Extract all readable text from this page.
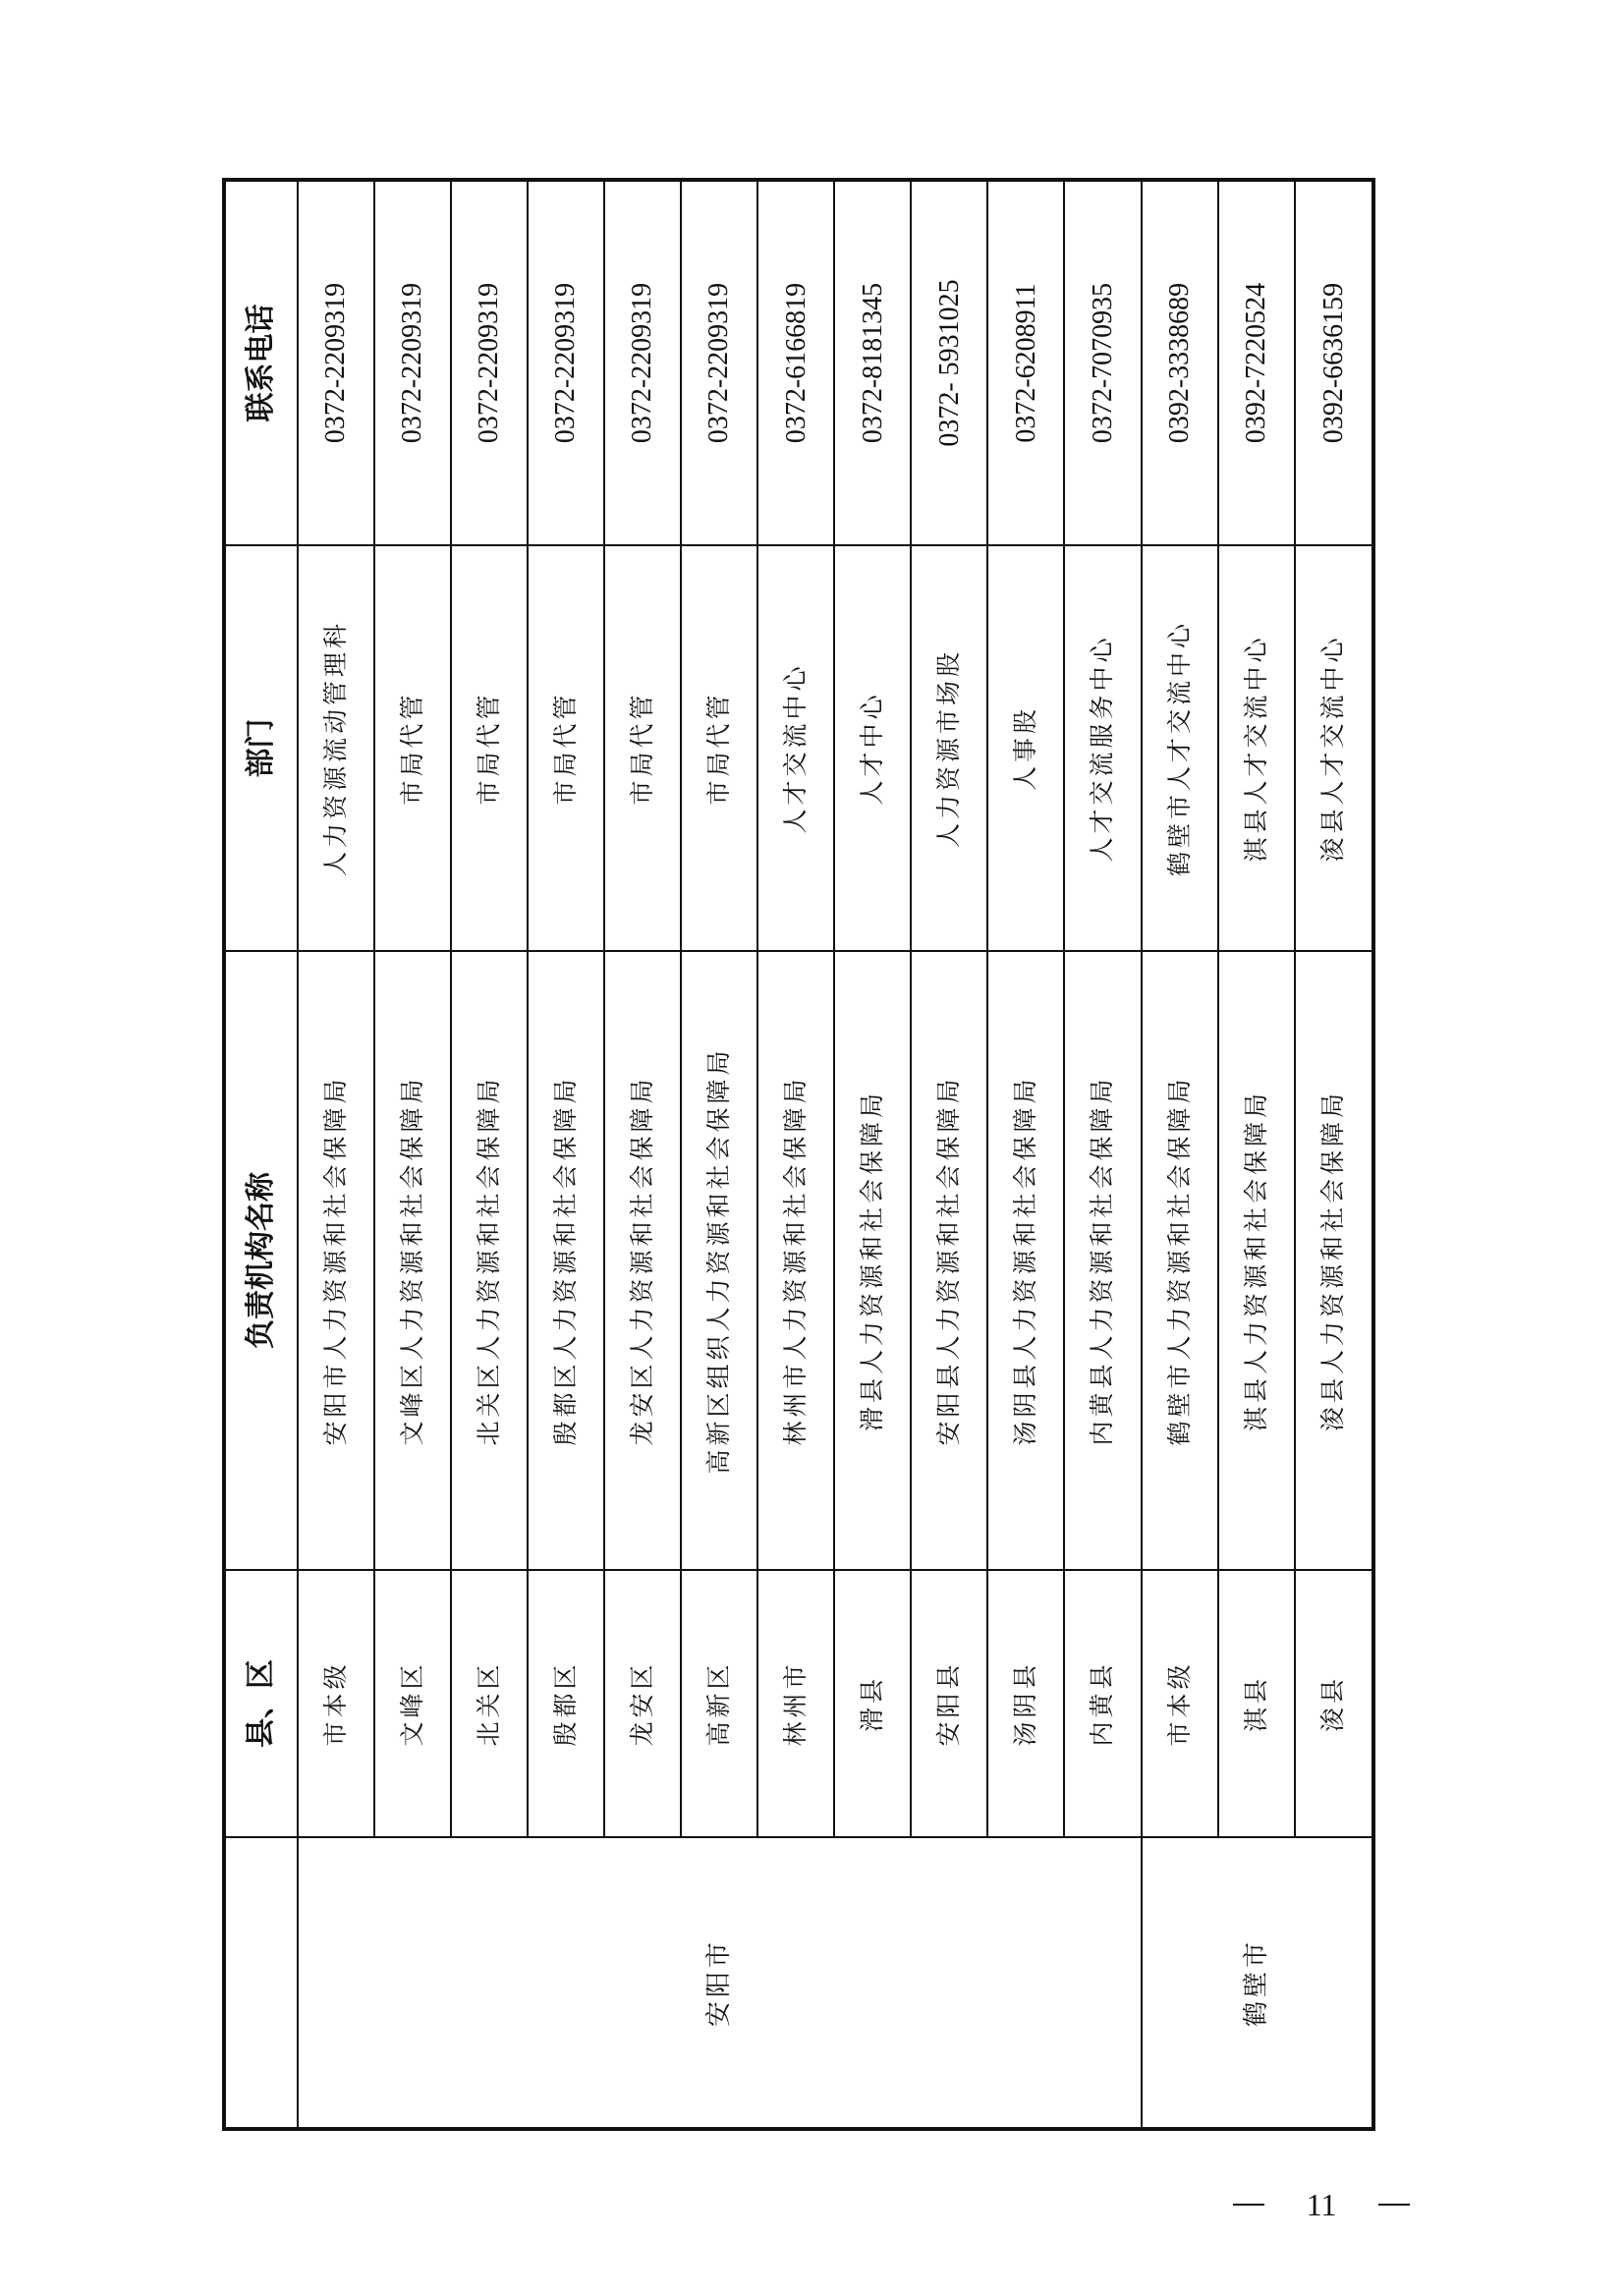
	县、区	负责机构名称	部门	联系电话
安阳市	市本级	安阳市人力资源和社会保障局	人力资源流动管理科	0372-2209319
	文峰区	文峰区人力资源和社会保障局	市局代管	0372-2209319
	北关区	北关区人力资源和社会保障局	市局代管	0372-2209319
	殷都区	殷都区人力资源和社会保障局	市局代管	0372-2209319
	龙安区	龙安区人力资源和社会保障局	市局代管	0372-2209319
	高新区	高新区组织人力资源和社会保障局	市局代管	0372-2209319
	林州市	林州市人力资源和社会保障局	人才交流中心	0372-6166819
	滑县	滑县人力资源和社会保障局	人才中心	0372-8181345
	安阳县	安阳县人力资源和社会保障局	人力资源市场股	0372- 5931025
	汤阴县	汤阴县人力资源和社会保障局	人事股	0372-6208911
	内黄县	内黄县人力资源和社会保障局	人才交流服务中心	0372-7070935
鹤壁市	市本级	鹤壁市人力资源和社会保障局	鹤壁市人才交流中心	0392-3338689
	淇县	淇县人力资源和社会保障局	淇县人才交流中心	0392-7220524
	浚县	浚县人力资源和社会保障局	浚县人才交流中心	0392-6636159
11
